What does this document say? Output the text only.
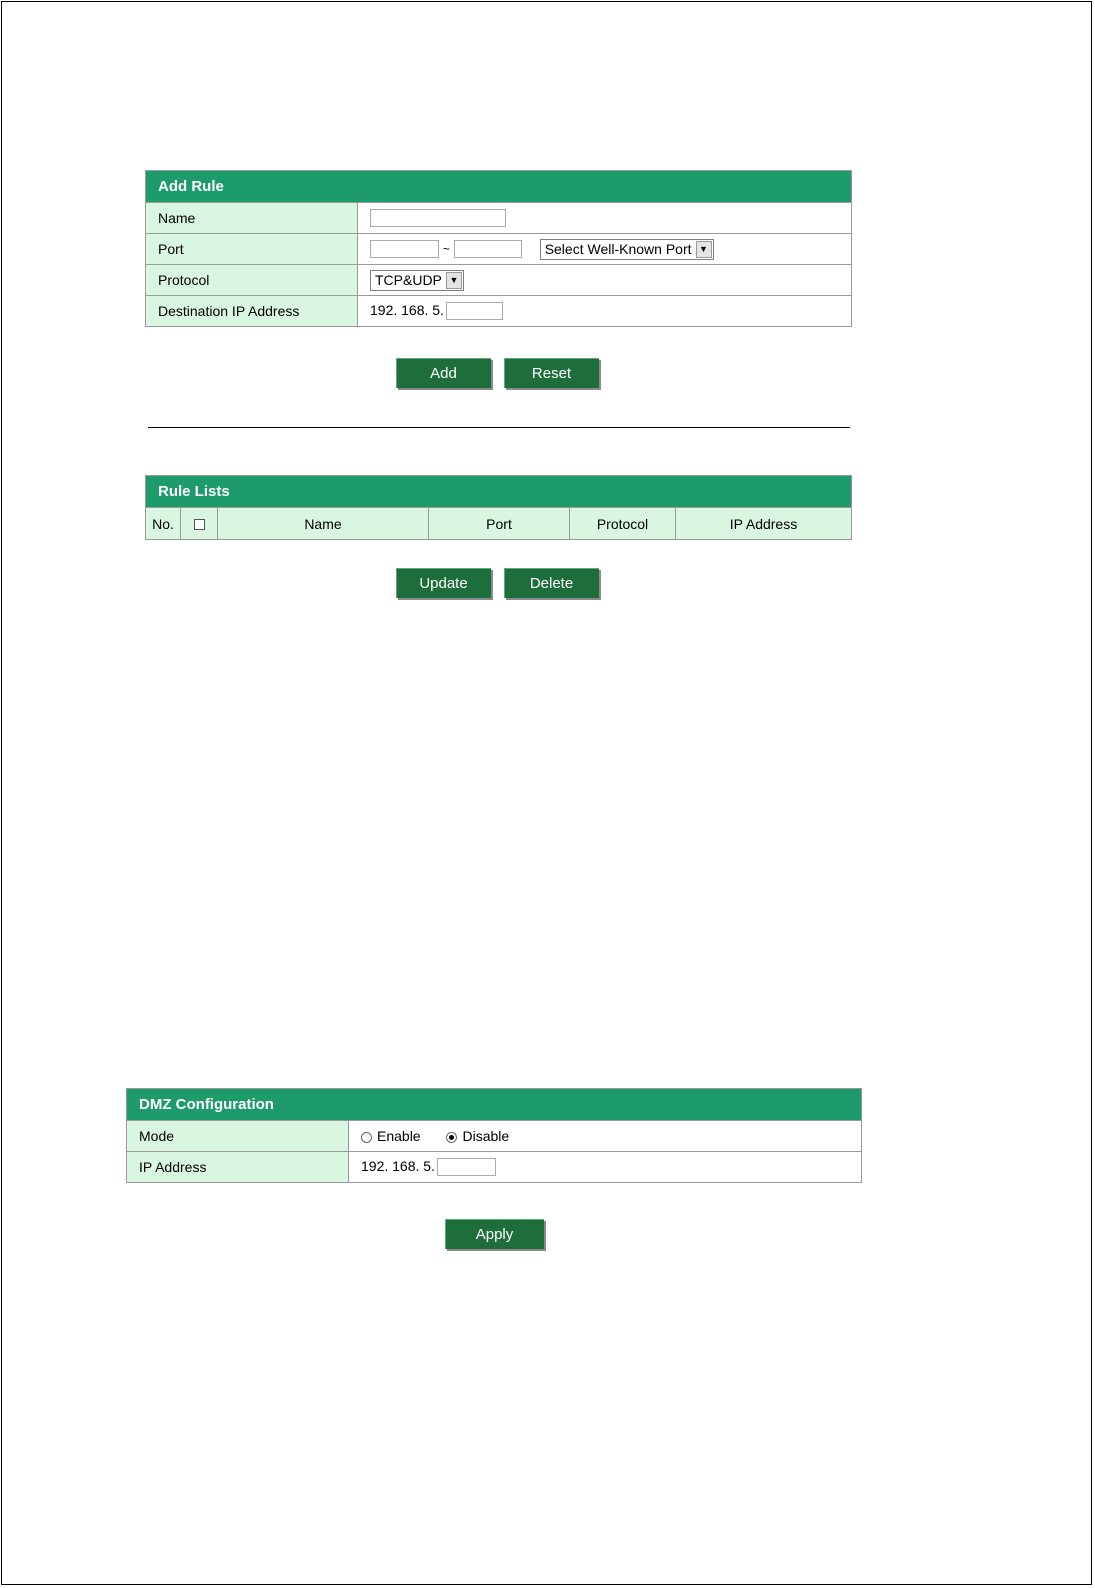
Add Rule	
Name	
Port	~ Select Well-Known Port ▼

Protocol	TCP&UDP ▼

Destination IP Address	192. 168. 5.
Add	Reset
Rule Lists
No.		Name	Port	Protocol	IP Address
Update	Delete
DMZ Configuration	
Mode	Enable Disable
IP Address	192. 168. 5.
Apply
